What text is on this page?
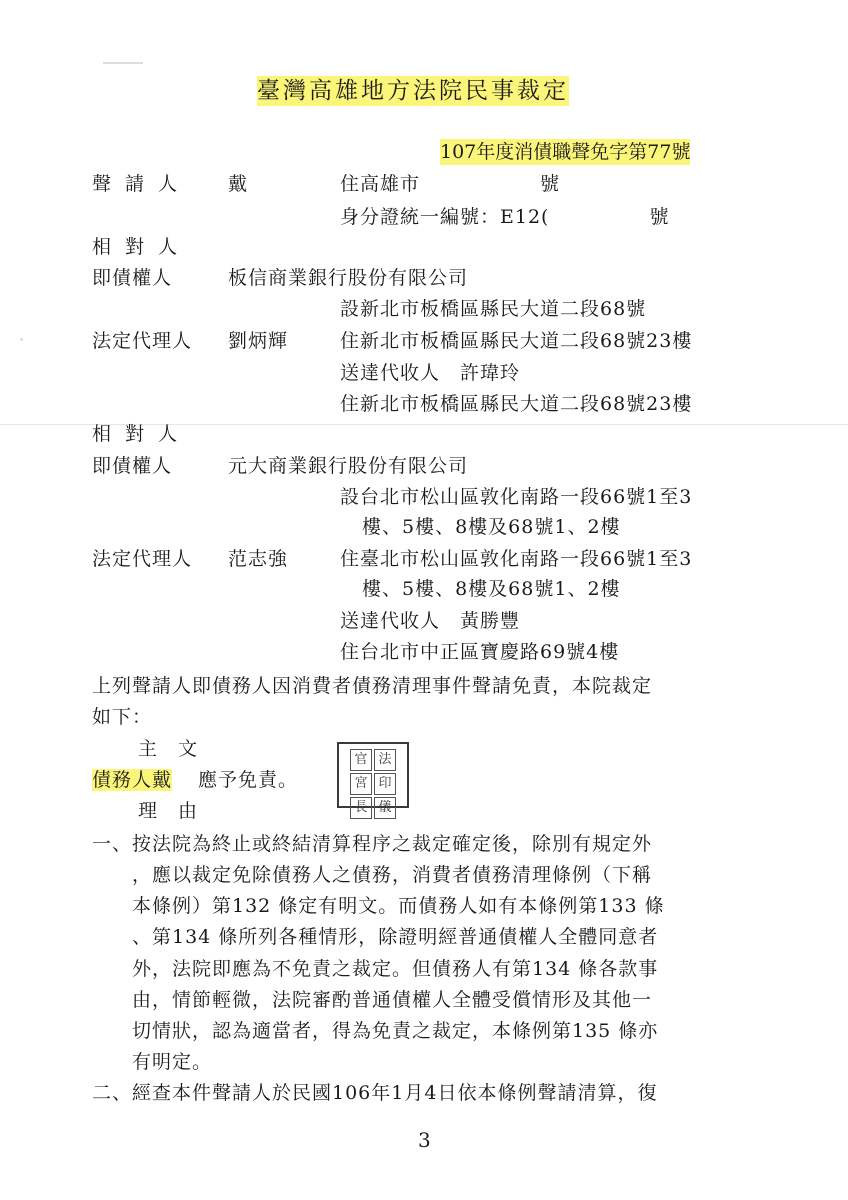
臺灣高雄地方法院民事裁定
107年度消債職聲免字第77號
聲請人 戴	住高雄市　　　　　　號
身分證統一編號：E12(　　　　　號
相對人
即債權人	板信商業銀行股份有限公司
設新北市板橋區縣民大道二段68號
法定代理人 劉炳輝	住新北市板橋區縣民大道二段68號23樓
送達代收人　許瑋玲
住新北市板橋區縣民大道二段68號23樓
相對人
即債權人	元大商業銀行股份有限公司
設台北市松山區敦化南路一段66號1至3
樓、5樓、8樓及68號1、2樓
法定代理人 范志強	住臺北市松山區敦化南路一段66號1至3
樓、5樓、8樓及68號1、2樓
送達代收人　黃勝豐
住台北市中正區寶慶路69號4樓
上列聲請人即債務人因消費者債務清理事件聲請免責，本院裁定
如下：
主　文
債務人戴 應予免責。
官 法
宮 印
長 儀
理　由
一、按法院為終止或終結清算程序之裁定確定後，除別有規定外
　　，應以裁定免除債務人之債務，消費者債務清理條例（下稱
　　本條例）第132 條定有明文。而債務人如有本條例第133 條
　　、第134 條所列各種情形，除證明經普通債權人全體同意者
　　外，法院即應為不免責之裁定。但債務人有第134 條各款事
　　由，情節輕微，法院審酌普通債權人全體受償情形及其他一
　　切情狀，認為適當者，得為免責之裁定，本條例第135 條亦
　　有明定。
二、經查本件聲請人於民國106年1月4日依本條例聲請清算，復
3
